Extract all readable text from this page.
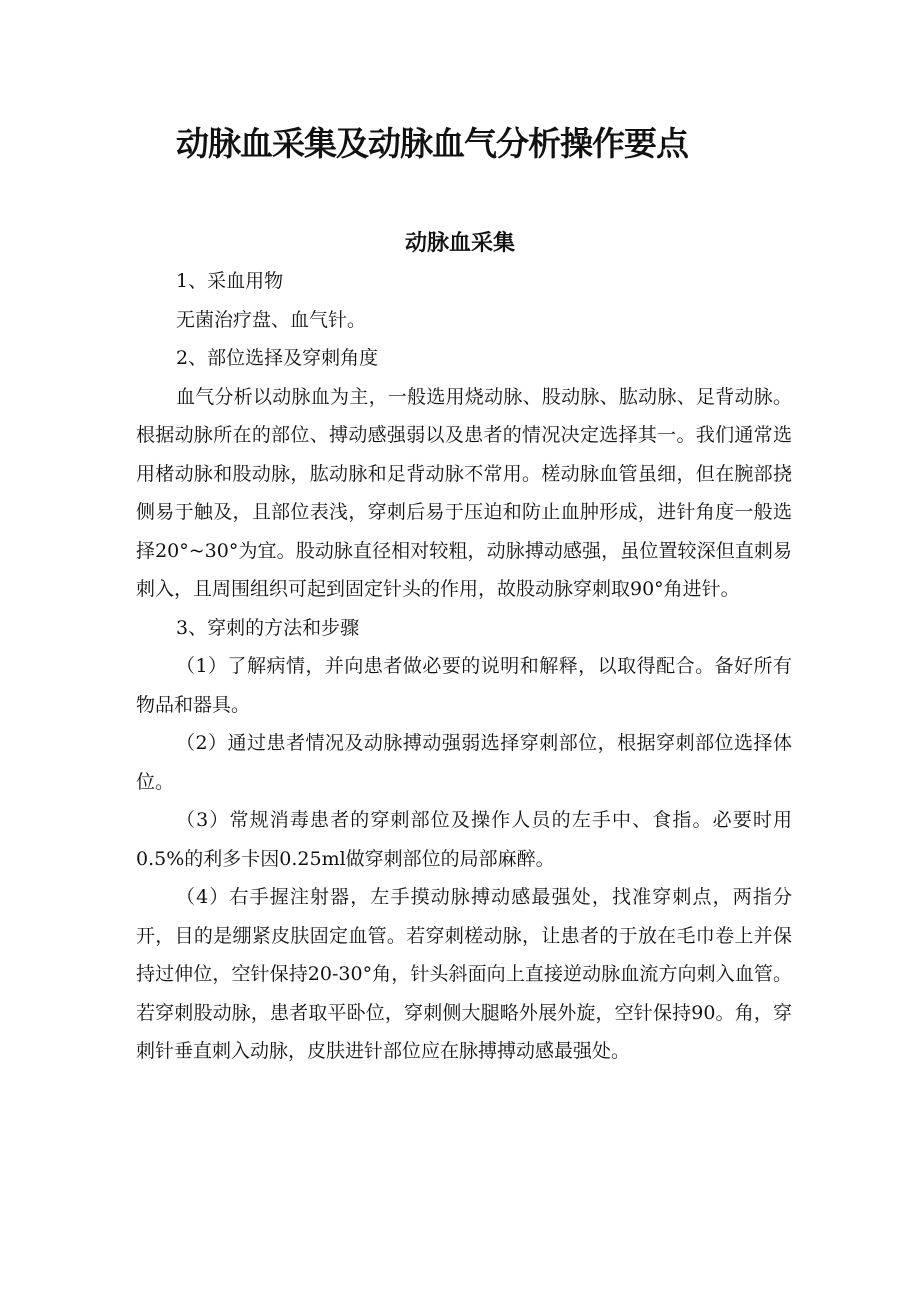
动脉血采集及动脉血气分析操作要点
动脉血采集

1、采血用物

无菌治疗盘、血气针。

2、部位选择及穿刺角度

血气分析以动脉血为主，一般选用烧动脉、股动脉、肱动脉、足背动脉。根据动脉所在的部位、搏动感强弱以及患者的情况决定选择其一。我们通常选用楮动脉和股动脉，肱动脉和足背动脉不常用。槎动脉血管虽细，但在腕部挠侧易于触及，且部位表浅，穿刺后易于压迫和防止血肿形成，进针角度一般选择20°~30°为宜。股动脉直径相对较粗，动脉搏动感强，虽位置较深但直刺易刺入，且周围组织可起到固定针头的作用，故股动脉穿刺取90°角进针。

3、穿刺的方法和步骤

（1）了解病情，并向患者做必要的说明和解释，以取得配合。备好所有物品和器具。

（2）通过患者情况及动脉搏动强弱选择穿刺部位，根据穿刺部位选择体位。

（3）常规消毒患者的穿刺部位及操作人员的左手中、食指。必要时用0.5%的利多卡因0.25ml做穿刺部位的局部麻醉。

（4）右手握注射器，左手摸动脉搏动感最强处，找准穿刺点，两指分开，目的是绷紧皮肤固定血管。若穿刺槎动脉，让患者的于放在毛巾卷上并保持过伸位，空针保持20-30°角，针头斜面向上直接逆动脉血流方向刺入血管。若穿刺股动脉，患者取平卧位，穿刺侧大腿略外展外旋，空针保持90。角，穿刺针垂直刺入动脉，皮肤进针部位应在脉搏搏动感最强处。
